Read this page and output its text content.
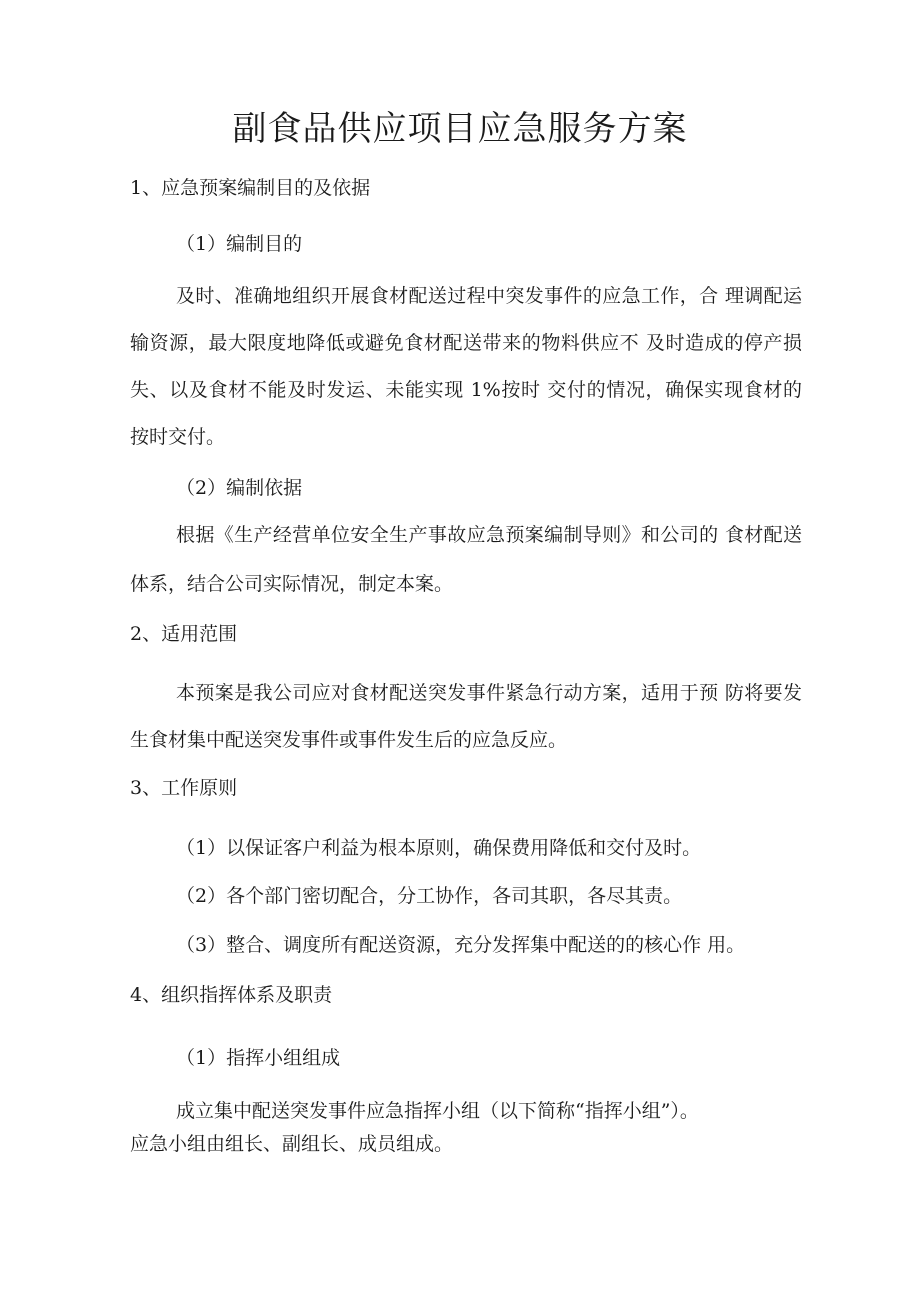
副食品供应项目应急服务方案
1、应急预案编制目的及依据
（1）编制目的
及时、准确地组织开展食材配送过程中突发事件的应急工作，合 理调配运
输资源，最大限度地降低或避免食材配送带来的物料供应不 及时造成的停产损
失、以及食材不能及时发运、未能实现 1%按时 交付的情况，确保实现食材的
按时交付。
（2）编制依据
根据《生产经营单位安全生产事故应急预案编制导则》和公司的 食材配送
体系，结合公司实际情况，制定本案。
2、适用范围
本预案是我公司应对食材配送突发事件紧急行动方案，适用于预 防将要发
生食材集中配送突发事件或事件发生后的应急反应。
3、工作原则
（1）以保证客户利益为根本原则，确保费用降低和交付及时。
（2）各个部门密切配合，分工协作，各司其职，各尽其责。
（3）整合、调度所有配送资源，充分发挥集中配送的的核心作 用。
4、组织指挥体系及职责
（1）指挥小组组成
成立集中配送突发事件应急指挥小组（以下简称“指挥小组”）。
应急小组由组长、副组长、成员组成。
